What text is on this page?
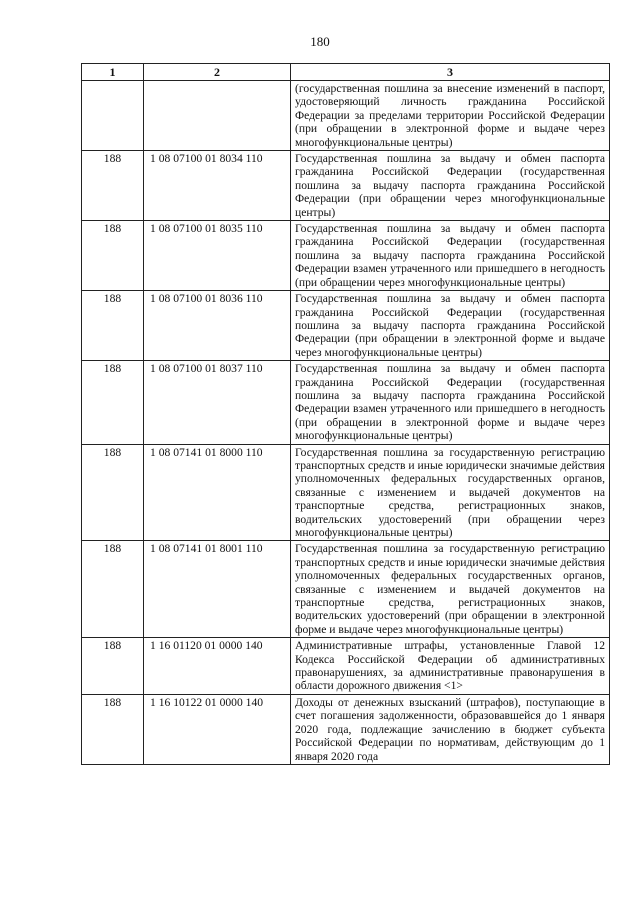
180
1	2	3
		(государственная пошлина за внесение изменений в паспорт, удостоверяющий личность гражданина Российской Федерации за пределами территории Российской Федерации (при обращении в электронной форме и выдаче через многофункциональные центры)
188	1 08 07100 01 8034 110	Государственная пошлина за выдачу и обмен паспорта гражданина Российской Федерации (государственная пошлина за выдачу паспорта гражданина Российской Федерации (при обращении через многофункциональные центры)
188	1 08 07100 01 8035 110	Государственная пошлина за выдачу и обмен паспорта гражданина Российской Федерации (государственная пошлина за выдачу паспорта гражданина Российской Федерации взамен утраченного или пришедшего в негодность (при обращении через многофункциональные центры)
188	1 08 07100 01 8036 110	Государственная пошлина за выдачу и обмен паспорта гражданина Российской Федерации (государственная пошлина за выдачу паспорта гражданина Российской Федерации (при обращении в электронной форме и выдаче через многофункциональные центры)
188	1 08 07100 01 8037 110	Государственная пошлина за выдачу и обмен паспорта гражданина Российской Федерации (государственная пошлина за выдачу паспорта гражданина Российской Федерации взамен утраченного или пришедшего в негодность (при обращении в электронной форме и выдаче через многофункциональные центры)
188	1 08 07141 01 8000 110	Государственная пошлина за государственную регистрацию транспортных средств и иные юридически значимые действия уполномоченных федеральных государственных органов, связанные с изменением и выдачей документов на транспортные средства, регистрационных знаков, водительских удостоверений (при обращении через многофункциональные центры)
188	1 08 07141 01 8001 110	Государственная пошлина за государственную регистрацию транспортных средств и иные юридически значимые действия уполномоченных федеральных государственных органов, связанные с изменением и выдачей документов на транспортные средства, регистрационных знаков, водительских удостоверений (при обращении в электронной форме и выдаче через многофункциональные центры)
188	1 16 01120 01 0000 140	Административные штрафы, установленные Главой 12 Кодекса Российской Федерации об административных правонарушениях, за административные правонарушения в области дорожного движения <1>
188	1 16 10122 01 0000 140	Доходы от денежных взысканий (штрафов), поступающие в счет погашения задолженности, образовавшейся до 1 января 2020 года, подлежащие зачислению в бюджет субъекта Российской Федерации по нормативам, действующим до 1 января 2020 года
